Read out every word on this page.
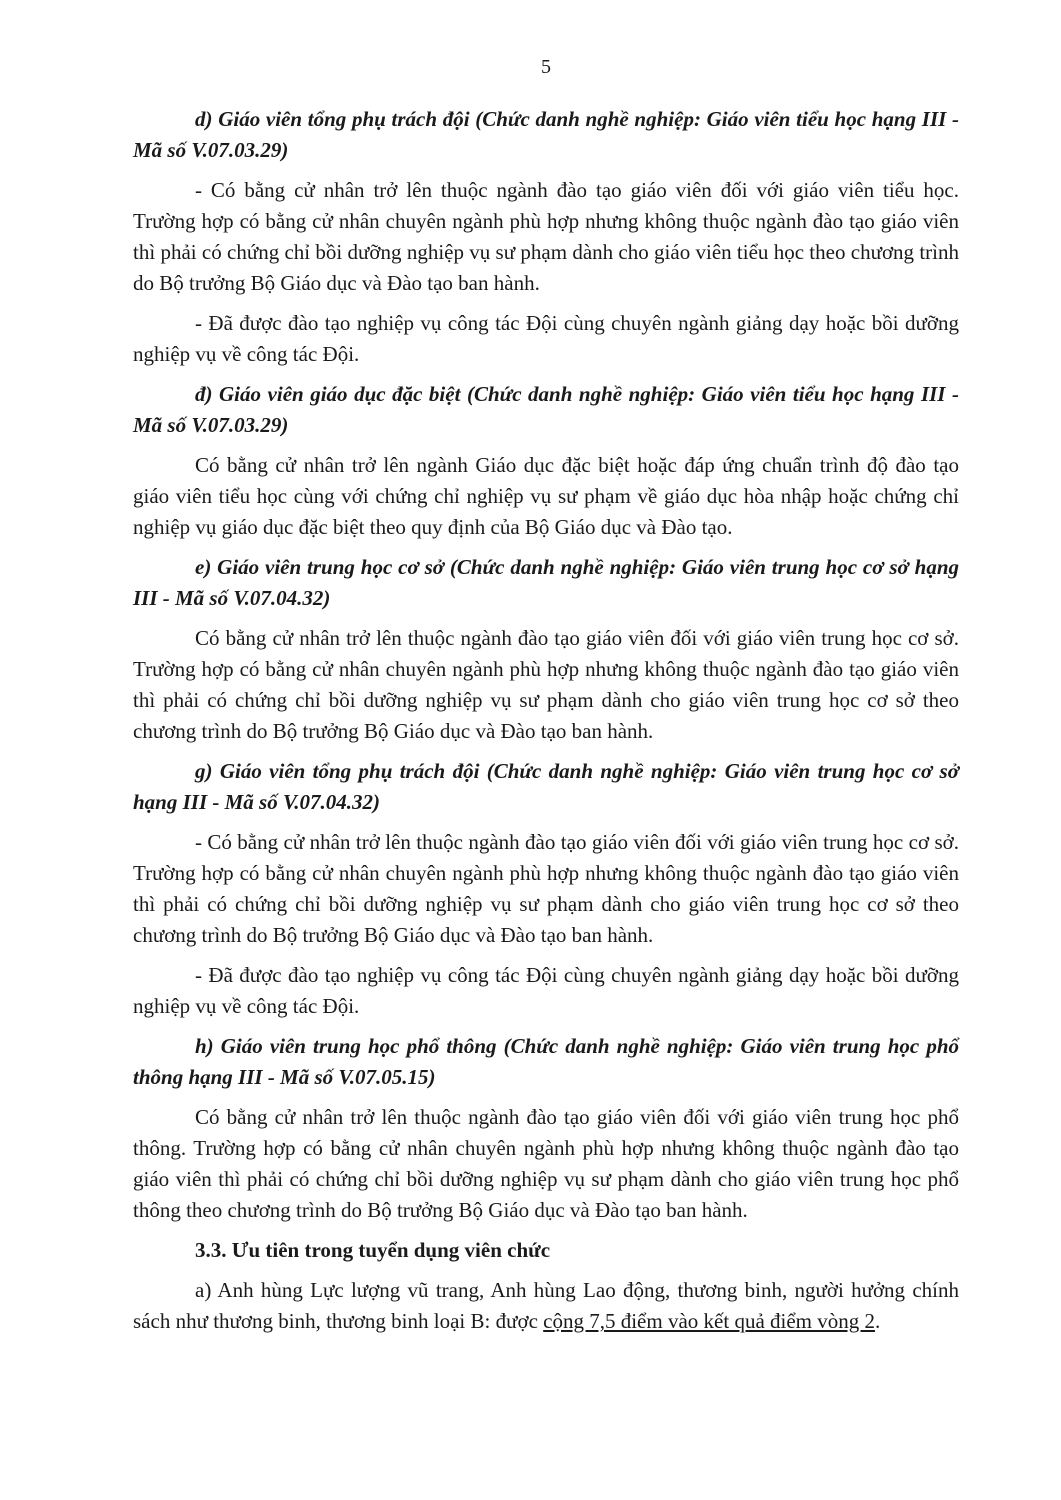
5

d) Giáo viên tổng phụ trách đội (Chức danh nghề nghiệp: Giáo viên tiểu học hạng III - Mã số V.07.03.29)

- Có bằng cử nhân trở lên thuộc ngành đào tạo giáo viên đối với giáo viên tiểu học. Trường hợp có bằng cử nhân chuyên ngành phù hợp nhưng không thuộc ngành đào tạo giáo viên thì phải có chứng chỉ bồi dưỡng nghiệp vụ sư phạm dành cho giáo viên tiểu học theo chương trình do Bộ trưởng Bộ Giáo dục và Đào tạo ban hành.

- Đã được đào tạo nghiệp vụ công tác Đội cùng chuyên ngành giảng dạy hoặc bồi dưỡng nghiệp vụ về công tác Đội.

đ) Giáo viên giáo dục đặc biệt (Chức danh nghề nghiệp: Giáo viên tiểu học hạng III - Mã số V.07.03.29)

Có bằng cử nhân trở lên ngành Giáo dục đặc biệt hoặc đáp ứng chuẩn trình độ đào tạo giáo viên tiểu học cùng với chứng chỉ nghiệp vụ sư phạm về giáo dục hòa nhập hoặc chứng chỉ nghiệp vụ giáo dục đặc biệt theo quy định của Bộ Giáo dục và Đào tạo.

e) Giáo viên trung học cơ sở (Chức danh nghề nghiệp: Giáo viên trung học cơ sở hạng III - Mã số V.07.04.32)

Có bằng cử nhân trở lên thuộc ngành đào tạo giáo viên đối với giáo viên trung học cơ sở. Trường hợp có bằng cử nhân chuyên ngành phù hợp nhưng không thuộc ngành đào tạo giáo viên thì phải có chứng chỉ bồi dưỡng nghiệp vụ sư phạm dành cho giáo viên trung học cơ sở theo chương trình do Bộ trưởng Bộ Giáo dục và Đào tạo ban hành.

g) Giáo viên tổng phụ trách đội (Chức danh nghề nghiệp: Giáo viên trung học cơ sở hạng III - Mã số V.07.04.32)

- Có bằng cử nhân trở lên thuộc ngành đào tạo giáo viên đối với giáo viên trung học cơ sở. Trường hợp có bằng cử nhân chuyên ngành phù hợp nhưng không thuộc ngành đào tạo giáo viên thì phải có chứng chỉ bồi dưỡng nghiệp vụ sư phạm dành cho giáo viên trung học cơ sở theo chương trình do Bộ trưởng Bộ Giáo dục và Đào tạo ban hành.

- Đã được đào tạo nghiệp vụ công tác Đội cùng chuyên ngành giảng dạy hoặc bồi dưỡng nghiệp vụ về công tác Đội.

h) Giáo viên trung học phổ thông (Chức danh nghề nghiệp: Giáo viên trung học phổ thông hạng III - Mã số V.07.05.15)

Có bằng cử nhân trở lên thuộc ngành đào tạo giáo viên đối với giáo viên trung học phổ thông. Trường hợp có bằng cử nhân chuyên ngành phù hợp nhưng không thuộc ngành đào tạo giáo viên thì phải có chứng chỉ bồi dưỡng nghiệp vụ sư phạm dành cho giáo viên trung học phổ thông theo chương trình do Bộ trưởng Bộ Giáo dục và Đào tạo ban hành.

3.3. Ưu tiên trong tuyển dụng viên chức

a) Anh hùng Lực lượng vũ trang, Anh hùng Lao động, thương binh, người hưởng chính sách như thương binh, thương binh loại B: được cộng 7,5 điểm vào kết quả điểm vòng 2.
